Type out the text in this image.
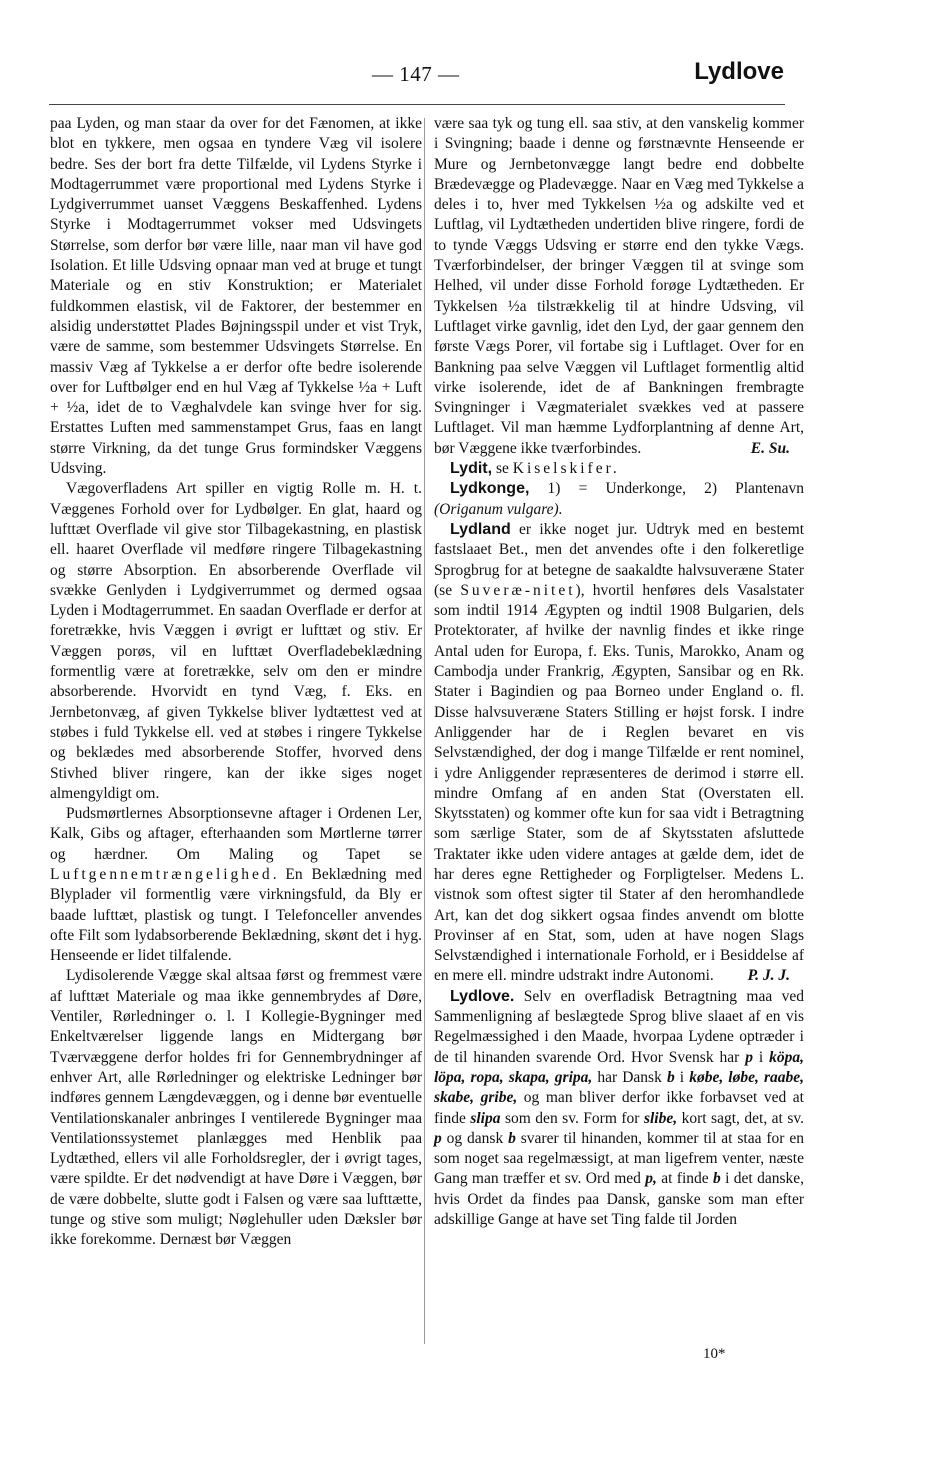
— 147 —	Lydlove

paa Lyden, og man staar da over for det Fænomen, at ikke blot en tykkere, men ogsaa en tyndere Væg vil isolere bedre. Ses der bort fra dette Tilfælde, vil Lydens Styrke i Modtagerrummet være proportional med Lydens Styrke i Lydgiverrummet uanset Væggens Beskaffenhed. Lydens Styrke i Modtagerrummet vokser med Udsvingets Størrelse, som derfor bør være lille, naar man vil have god Isolation. Et lille Udsving opnaar man ved at bruge et tungt Materiale og en stiv Konstruktion; er Materialet fuldkommen elastisk, vil de Faktorer, der bestemmer en alsidig understøttet Plades Bøjningsspil under et vist Tryk, være de samme, som bestemmer Udsvingets Størrelse. En massiv Væg af Tykkelse a er derfor ofte bedre isolerende over for Luftbølger end en hul Væg af Tykkelse ½a + Luft + ½a, idet de to Væghalvdele kan svinge hver for sig. Erstattes Luften med sammenstampet Grus, faas en langt større Virkning, da det tunge Grus formindsker Væggens Udsving.

Vægoverfladens Art spiller en vigtig Rolle m. H. t. Væggenes Forhold over for Lydbølger. En glat, haard og lufttæt Overflade vil give stor Tilbagekastning, en plastisk ell. haaret Overflade vil medføre ringere Tilbagekastning og større Absorption. En absorberende Overflade vil svække Genlyden i Lydgiverrummet og dermed ogsaa Lyden i Modtagerrummet. En saadan Overflade er derfor at foretrække, hvis Væggen i øvrigt er lufttæt og stiv. Er Væggen porøs, vil en lufttæt Overfladebeklædning formentlig være at foretrække, selv om den er mindre absorberende. Hvorvidt en tynd Væg, f. Eks. en Jernbetonvæg, af given Tykkelse bliver lydtættest ved at støbes i fuld Tykkelse ell. ved at støbes i ringere Tykkelse og beklædes med absorberende Stoffer, hvorved dens Stivhed bliver ringere, kan der ikke siges noget almengyldigt om.

Pudsmørtlernes Absorptionsevne aftager i Ordenen Ler, Kalk, Gibs og aftager, efterhaanden som Mørtlerne tørrer og hærdner. Om Maling og Tapet se Luftgennemtrængelighed. En Beklædning med Blyplader vil formentlig være virkningsfuld, da Bly er baade lufttæt, plastisk og tungt. I Telefonceller anvendes ofte Filt som lydabsorberende Beklædning, skønt det i hyg. Henseende er lidet tilfalende.

Lydisolerende Vægge skal altsaa først og fremmest være af lufttæt Materiale og maa ikke gennembrydes af Døre, Ventiler, Rørledninger o. l. I Kollegie-Bygninger med Enkeltværelser liggende langs en Midtergang bør Tværvæggene derfor holdes fri for Gennembrydninger af enhver Art, alle Rørledninger og elektriske Ledninger bør indføres gennem Længdevæggen, og i denne bør eventuelle Ventilationskanaler anbringes I ventilerede Bygninger maa Ventilationssystemet planlægges med Henblik paa Lydtæthed, ellers vil alle Forholdsregler, der i øvrigt tages, være spildte. Er det nødvendigt at have Døre i Væggen, bør de være dobbelte, slutte godt i Falsen og være saa lufttætte, tunge og stive som muligt; Nøglehuller uden Dæksler bør ikke forekomme. Dernæst bør Væggen

være saa tyk og tung ell. saa stiv, at den vanskelig kommer i Svingning; baade i denne og førstnævnte Henseende er Mure og Jernbetonvægge langt bedre end dobbelte Brædevægge og Pladevægge. Naar en Væg med Tykkelse a deles i to, hver med Tykkelsen ½a og adskilte ved et Luftlag, vil Lydtætheden undertiden blive ringere, fordi de to tynde Væggs Udsving er større end den tykke Vægs. Tværforbindelser, der bringer Væggen til at svinge som Helhed, vil under disse Forhold forøge Lydtætheden. Er Tykkelsen ½a tilstrækkelig til at hindre Udsving, vil Luftlaget virke gavnlig, idet den Lyd, der gaar gennem den første Vægs Porer, vil fortabe sig i Luftlaget. Over for en Bankning paa selve Væggen vil Luftlaget formentlig altid virke isolerende, idet de af Bankningen frembragte Svingninger i Vægmaterialet svækkes ved at passere Luftlaget. Vil man hæmme Lydforplantning af denne Art, bør Væggene ikke tværforbindes.	E. Su.

Lydit, se Kiselskifer.

Lydkonge, 1) = Underkonge, 2) Plantenavn (Origanum vulgare).

Lydland er ikke noget jur. Udtryk med en bestemt fastslaaet Bet., men det anvendes ofte i den folkeretlige Sprogbrug for at betegne de saakaldte halvsuveræne Stater (se Suveræ-nitet), hvortil henføres dels Vasalstater som indtil 1914 Ægypten og indtil 1908 Bulgarien, dels Protektorater, af hvilke der navnlig findes et ikke ringe Antal uden for Europa, f. Eks. Tunis, Marokko, Anam og Cambodja under Frankrig, Ægypten, Sansibar og en Rk. Stater i Bagindien og paa Borneo under England o. fl. Disse halvsuveræne Staters Stilling er højst forsk. I indre Anliggender har de i Reglen bevaret en vis Selvstændighed, der dog i mange Tilfælde er rent nominel, i ydre Anliggender repræsenteres de derimod i større ell. mindre Omfang af en anden Stat (Overstaten ell. Skytsstaten) og kommer ofte kun for saa vidt i Betragtning som særlige Stater, som de af Skytsstaten afsluttede Traktater ikke uden videre antages at gælde dem, idet de har deres egne Rettigheder og Forpligtelser. Medens L. vistnok som oftest sigter til Stater af den heromhandlede Art, kan det dog sikkert ogsaa findes anvendt om blotte Provinser af en Stat, som, uden at have nogen Slags Selvstændighed i internationale Forhold, er i Besiddelse af en mere ell. mindre udstrakt indre Autonomi.	P. J. J.

Lydlove. Selv en overfladisk Betragtning maa ved Sammenligning af beslægtede Sprog blive slaaet af en vis Regelmæssighed i den Maade, hvorpaa Lydene optræder i de til hinanden svarende Ord. Hvor Svensk har p i köpa, löpa, ropa, skapa, gripa, har Dansk b i købe, løbe, raabe, skabe, gribe, og man bliver derfor ikke forbavset ved at finde slipa som den sv. Form for slibe, kort sagt, det, at sv. p og dansk b svarer til hinanden, kommer til at staa for en som noget saa regelmæssigt, at man ligefrem venter, næste Gang man træffer et sv. Ord med p, at finde b i det danske, hvis Ordet da findes paa Dansk, ganske som man efter adskillige Gange at have set Ting falde til Jorden

10*
